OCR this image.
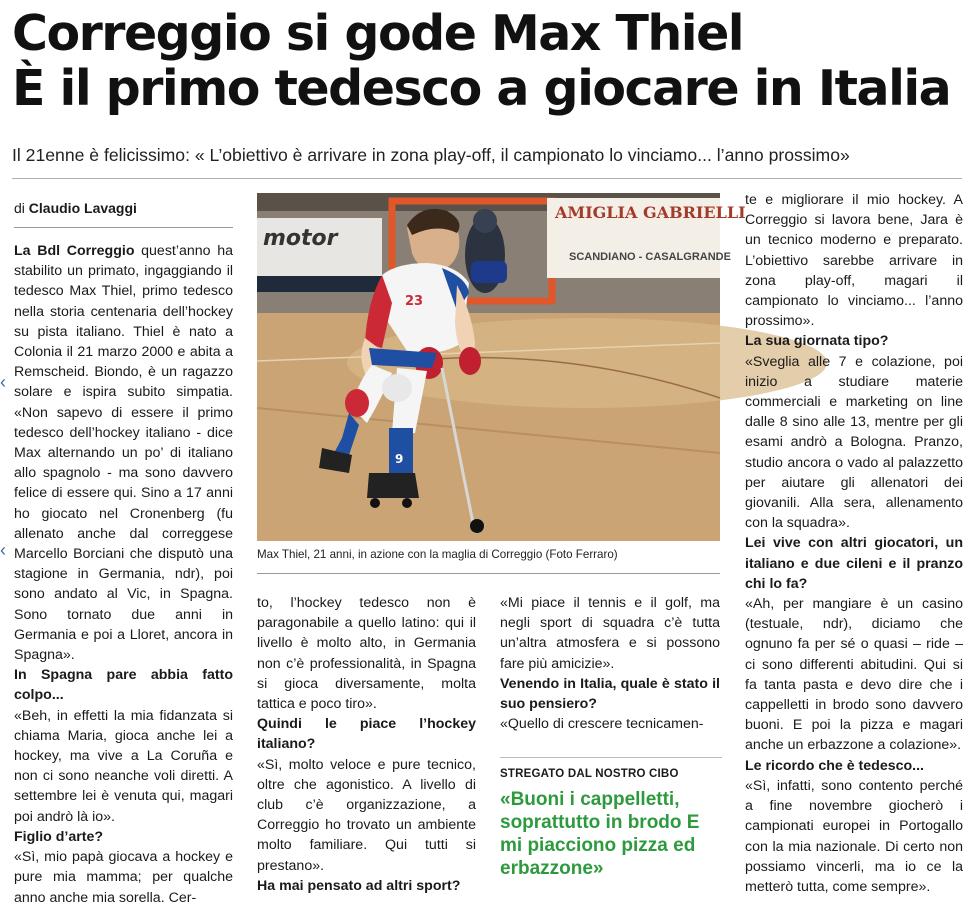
Correggio si gode Max Thiel
È il primo tedesco a giocare in Italia
Il 21enne è felicissimo: « L’obiettivo è arrivare in zona play-off, il campionato lo vinciamo... l’anno prossimo»
di Claudio Lavaggi

La Bdl Correggio quest’anno ha stabilito un primato, ingaggiando il tedesco Max Thiel, primo tedesco nella storia centenaria dell’hockey su pista italiano. Thiel è nato a Colonia il 21 marzo 2000 e abita a Remscheid. Biondo, è un ragazzo solare e ispira subito simpatia. «Non sapevo di essere il primo tedesco dell’hockey italiano - dice Max alternando un po’ di italiano allo spagnolo - ma sono davvero felice di essere qui. Sino a 17 anni ho giocato nel Cronenberg (fu allenato anche dal correggese Marcello Borciani che disputò una stagione in Germania, ndr), poi sono andato al Vic, in Spagna. Sono tornato due anni in Germania e poi a Lloret, ancora in Spagna».

In Spagna pare abbia fatto colpo...

«Beh, in effetti la mia fidanzata si chiama Maria, gioca anche lei a hockey, ma vive a La Coruña e non ci sono neanche voli diretti. A settembre lei è venuta qui, magari poi andrò là io».

Figlio d’arte?

«Sì, mio papà giocava a hockey e pure mia mamma; per qualche anno anche mia sorella. Cer-

motor
AMIGLIA GABRIELLI
SCANDIANO - CASALGRANDE
23
9
Max Thiel, 21 anni, in azione con la maglia di Correggio (Foto Ferraro)

to, l’hockey tedesco non è paragonabile a quello latino: qui il livello è molto alto, in Germania non c’è professionalità, in Spagna si gioca diversamente, molta tattica e poco tiro».

Quindi le piace l’hockey italiano?

«Sì, molto veloce e pure tecnico, oltre che agonistico. A livello di club c’è organizzazione, a Correggio ho trovato un ambiente molto familiare. Qui tutti si prestano».

Ha mai pensato ad altri sport?

«Mi piace il tennis e il golf, ma negli sport di squadra c’è tutta un’altra atmosfera e si possono fare più amicizie».

Venendo in Italia, quale è stato il suo pensiero?

«Quello di crescere tecnicamen-

STREGATO DAL NOSTRO CIBO
«Buoni i cappelletti, soprattutto in brodo E mi piacciono pizza ed erbazzone»

te e migliorare il mio hockey. A Correggio si lavora bene, Jara è un tecnico moderno e preparato. L’obiettivo sarebbe arrivare in zona play-off, magari il campionato lo vinciamo... l’anno prossimo».

La sua giornata tipo?

«Sveglia alle 7 e colazione, poi inizio a studiare materie commerciali e marketing on line dalle 8 sino alle 13, mentre per gli esami andrò a Bologna. Pranzo, studio ancora o vado al palazzetto per aiutare gli allenatori dei giovanili. Alla sera, allenamento con la squadra».

Lei vive con altri giocatori, un italiano e due cileni e il pranzo chi lo fa?

«Ah, per mangiare è un casino (testuale, ndr), diciamo che ognuno fa per sé o quasi – ride – ci sono differenti abitudini. Qui si fa tanta pasta e devo dire che i cappelletti in brodo sono davvero buoni. E poi la pizza e magari anche un erbazzone a colazione».

Le ricordo che è tedesco...

«Sì, infatti, sono contento perché a fine novembre giocherò i campionati europei in Portogallo con la mia nazionale. Di certo non possiamo vincerli, ma io ce la metterò tutta, come sempre».

‹
‹
